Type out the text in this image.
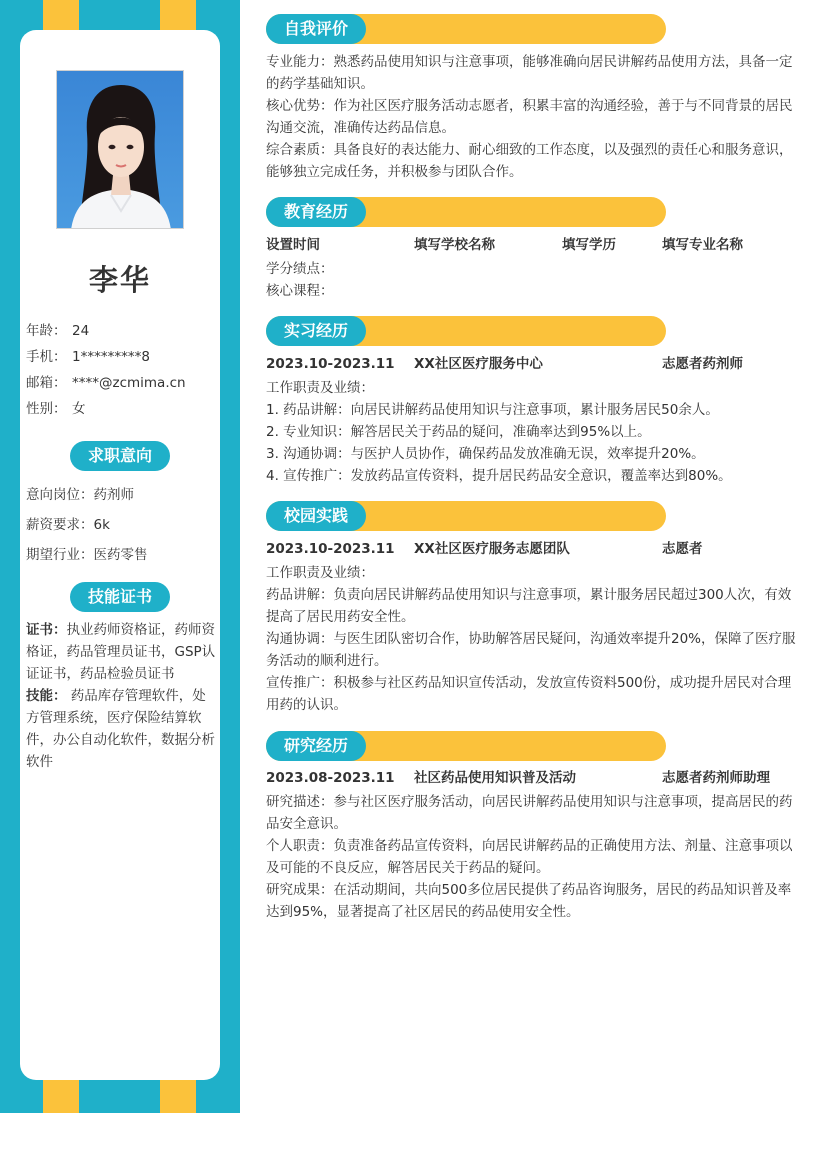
李华
年龄： 24
手机： 1*********8
邮箱： ****@zcmima.cn
性别： 女
求职意向
意向岗位：药剂师
薪资要求：6k
期望行业：医药零售
技能证书
证书：执业药师资格证，药师资格证，药品管理员证书，GSP认证证书，药品检验员证书
技能： 药品库存管理软件，处方管理系统，医疗保险结算软件，办公自动化软件，数据分析软件
自我评价

专业能力：熟悉药品使用知识与注意事项，能够准确向居民讲解药品使用方法，具备一定的药学基础知识。

核心优势：作为社区医疗服务活动志愿者，积累丰富的沟通经验，善于与不同背景的居民沟通交流，准确传达药品信息。

综合素质：具备良好的表达能力、耐心细致的工作态度，以及强烈的责任心和服务意识，能够独立完成任务，并积极参与团队合作。

教育经历
设置时间	填写学校名称	填写学历	填写专业名称

学分绩点：

核心课程：

实习经历
2023.10-2023.11 XX社区医疗服务中心	志愿者药剂师

工作职责及业绩：

1. 药品讲解：向居民讲解药品使用知识与注意事项，累计服务居民50余人。

2. 专业知识：解答居民关于药品的疑问，准确率达到95%以上。

3. 沟通协调：与医护人员协作，确保药品发放准确无误，效率提升20%。

4. 宣传推广：发放药品宣传资料，提升居民药品安全意识，覆盖率达到80%。

校园实践
2023.10-2023.11 XX社区医疗服务志愿团队	志愿者

工作职责及业绩：

药品讲解：负责向居民讲解药品使用知识与注意事项，累计服务居民超过300人次，有效提高了居民用药安全性。

沟通协调：与医生团队密切合作，协助解答居民疑问，沟通效率提升20%，保障了医疗服务活动的顺利进行。

宣传推广：积极参与社区药品知识宣传活动，发放宣传资料500份，成功提升居民对合理用药的认识。

研究经历
2023.08-2023.11 社区药品使用知识普及活动	志愿者药剂师助理

研究描述：参与社区医疗服务活动，向居民讲解药品使用知识与注意事项，提高居民的药品安全意识。

个人职责：负责准备药品宣传资料，向居民讲解药品的正确使用方法、剂量、注意事项以及可能的不良反应，解答居民关于药品的疑问。

研究成果：在活动期间，共向500多位居民提供了药品咨询服务，居民的药品知识普及率达到95%，显著提高了社区居民的药品使用安全性。
